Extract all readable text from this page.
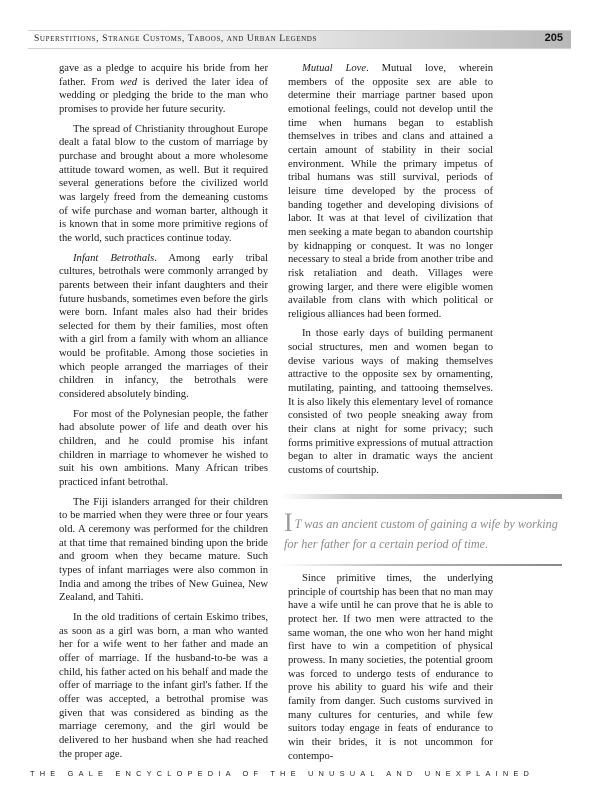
Superstitions, Strange Customs, Taboos, and Urban Legends	205

gave as a pledge to acquire his bride from her father. From wed is derived the later idea of wedding or pledging the bride to the man who promises to provide her future security.

The spread of Christianity throughout Europe dealt a fatal blow to the custom of marriage by purchase and brought about a more wholesome attitude toward women, as well. But it required several generations before the civilized world was largely freed from the demeaning customs of wife purchase and woman barter, although it is known that in some more primitive regions of the world, such practices continue today.

Infant Betrothals. Among early tribal cultures, betrothals were commonly arranged by parents between their infant daughters and their future husbands, sometimes even before the girls were born. Infant males also had their brides selected for them by their families, most often with a girl from a family with whom an alliance would be profitable. Among those societies in which people arranged the marriages of their children in infancy, the betrothals were considered absolutely binding.

For most of the Polynesian people, the father had absolute power of life and death over his children, and he could promise his infant children in marriage to whomever he wished to suit his own ambitions. Many African tribes practiced infant betrothal.

The Fiji islanders arranged for their children to be married when they were three or four years old. A ceremony was performed for the children at that time that remained binding upon the bride and groom when they became mature. Such types of infant marriages were also common in India and among the tribes of New Guinea, New Zealand, and Tahiti.

In the old traditions of certain Eskimo tribes, as soon as a girl was born, a man who wanted her for a wife went to her father and made an offer of marriage. If the husband-to-be was a child, his father acted on his behalf and made the offer of marriage to the infant girl's father. If the offer was accepted, a betrothal promise was given that was considered as binding as the marriage ceremony, and the girl would be delivered to her husband when she had reached the proper age.

Mutual Love. Mutual love, wherein members of the opposite sex are able to determine their marriage partner based upon emotional feelings, could not develop until the time when humans began to establish themselves in tribes and clans and attained a certain amount of stability in their social environment. While the primary impetus of tribal humans was still survival, periods of leisure time developed by the process of banding together and developing divisions of labor. It was at that level of civilization that men seeking a mate began to abandon courtship by kidnapping or conquest. It was no longer necessary to steal a bride from another tribe and risk retaliation and death. Villages were growing larger, and there were eligible women available from clans with which political or religious alliances had been formed.

In those early days of building permanent social structures, men and women began to devise various ways of making themselves attractive to the opposite sex by ornamenting, mutilating, painting, and tattooing themselves. It is also likely this elementary level of romance consisted of two people sneaking away from their clans at night for some privacy; such forms primitive expressions of mutual attraction began to alter in dramatic ways the ancient customs of courtship.

I T was an ancient custom of gaining a wife by working for her father for a certain period of time.

Since primitive times, the underlying principle of courtship has been that no man may have a wife until he can prove that he is able to protect her. If two men were attracted to the same woman, the one who won her hand might first have to win a competition of physical prowess. In many societies, the potential groom was forced to undergo tests of endurance to prove his ability to guard his wife and their family from danger. Such customs survived in many cultures for centuries, and while few suitors today engage in feats of endurance to win their brides, it is not uncommon for contempo-

THE GALE ENCYCLOPEDIA OF THE UNUSUAL AND UNEXPLAINED
